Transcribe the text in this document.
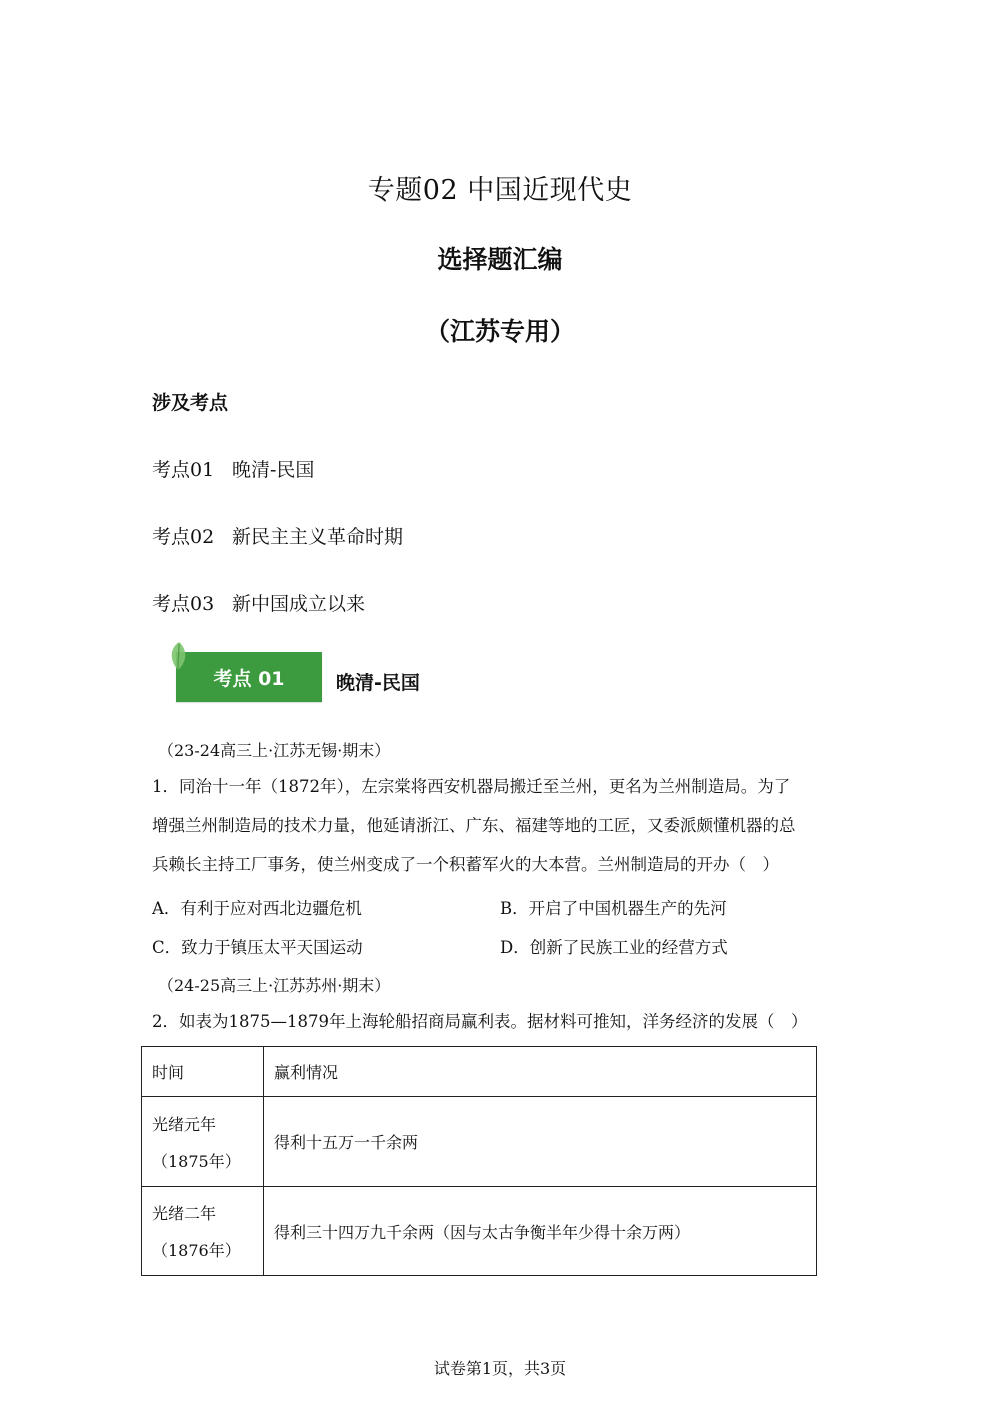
专题02 中国近现代史
选择题汇编
（江苏专用）
涉及考点
考点01 晚清-民国
考点02 新民主主义革命时期
考点03 新中国成立以来
考点 01	晚清-民国
（23-24高三上·江苏无锡·期末）
1．同治十一年（1872年），左宗棠将西安机器局搬迁至兰州，更名为兰州制造局。为了
增强兰州制造局的技术力量，他延请浙江、广东、福建等地的工匠，又委派颇懂机器的总
兵赖长主持工厂事务，使兰州变成了一个积蓄军火的大本营。兰州制造局的开办（　）
A．有利于应对西北边疆危机	B．开启了中国机器生产的先河
C．致力于镇压太平天国运动	D．创新了民族工业的经营方式
（24-25高三上·江苏苏州·期末）
2．如表为1875—1879年上海轮船招商局赢利表。据材料可推知，洋务经济的发展（　）
时间	赢利情况

光绪元年
（1875年）	得利十五万一千余两

光绪二年
（1876年）	得利三十四万九千余两（因与太古争衡半年少得十余万两）
试卷第1页，共3页
